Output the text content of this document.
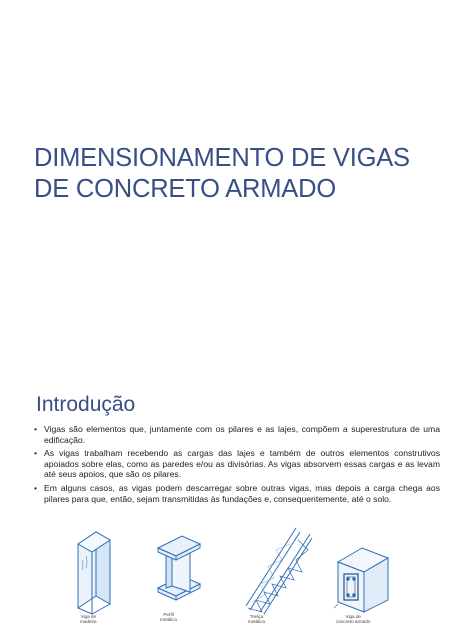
DIMENSIONAMENTO DE VIGAS
DE CONCRETO ARMADO
Introdução
• Vigas são elementos que, juntamente com os pilares e as lajes, compõem a superestrutura de uma edificação.
• As vigas trabalham recebendo as cargas das lajes e também de outros elementos construtivos apoiados sobre elas, como as paredes e/ou as divisórias. As vigas absorvem essas cargas e as levam até seus apoios, que são os pilares.
• Em alguns casos, as vigas podem descarregar sobre outras vigas, mas depois a carga chega aos pilares para que, então, sejam transmitidas às fundações e, consequentemente, até o solo.
Viga de
madeira
Perfil
metálico
Treliça
metálica
Viga de
concreto armado
